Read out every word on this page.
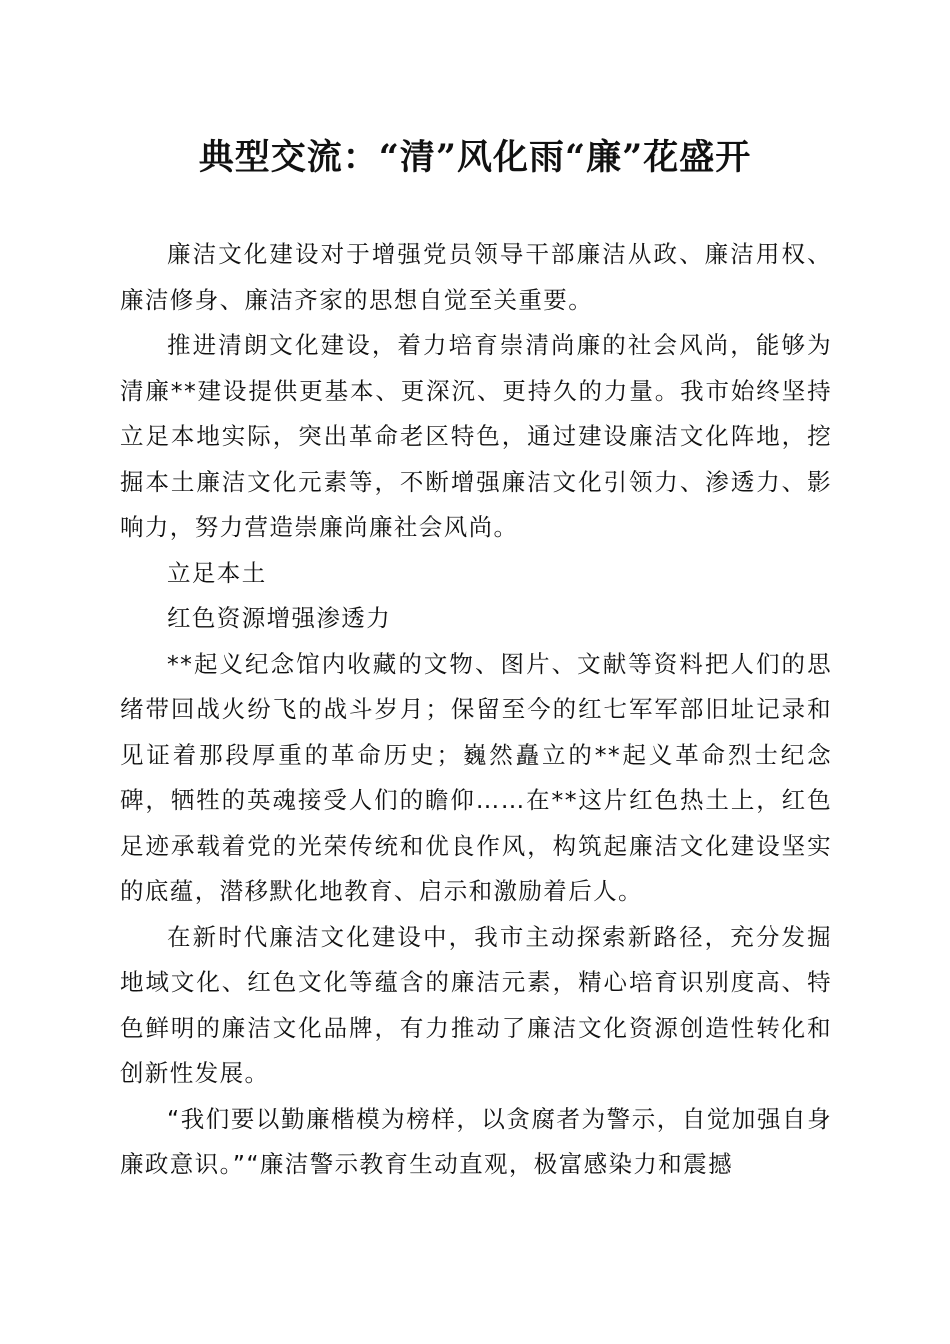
典型交流：“清”风化雨“廉”花盛开

廉洁文化建设对于增强党员领导干部廉洁从政、廉洁用权、廉洁修身、廉洁齐家的思想自觉至关重要。

推进清朗文化建设，着力培育崇清尚廉的社会风尚，能够为清廉**建设提供更基本、更深沉、更持久的力量。我市始终坚持立足本地实际，突出革命老区特色，通过建设廉洁文化阵地，挖掘本土廉洁文化元素等，不断增强廉洁文化引领力、渗透力、影响力，努力营造崇廉尚廉社会风尚。

立足本土

红色资源增强渗透力

**起义纪念馆内收藏的文物、图片、文献等资料把人们的思绪带回战火纷飞的战斗岁月；保留至今的红七军军部旧址记录和见证着那段厚重的革命历史；巍然矗立的**起义革命烈士纪念碑，牺牲的英魂接受人们的瞻仰……在**这片红色热土上，红色足迹承载着党的光荣传统和优良作风，构筑起廉洁文化建设坚实的底蕴，潜移默化地教育、启示和激励着后人。

在新时代廉洁文化建设中，我市主动探索新路径，充分发掘地域文化、红色文化等蕴含的廉洁元素，精心培育识别度高、特色鲜明的廉洁文化品牌，有力推动了廉洁文化资源创造性转化和创新性发展。

“我们要以勤廉楷模为榜样，以贪腐者为警示，自觉加强自身廉政意识。”“廉洁警示教育生动直观，极富感染力和震撼
